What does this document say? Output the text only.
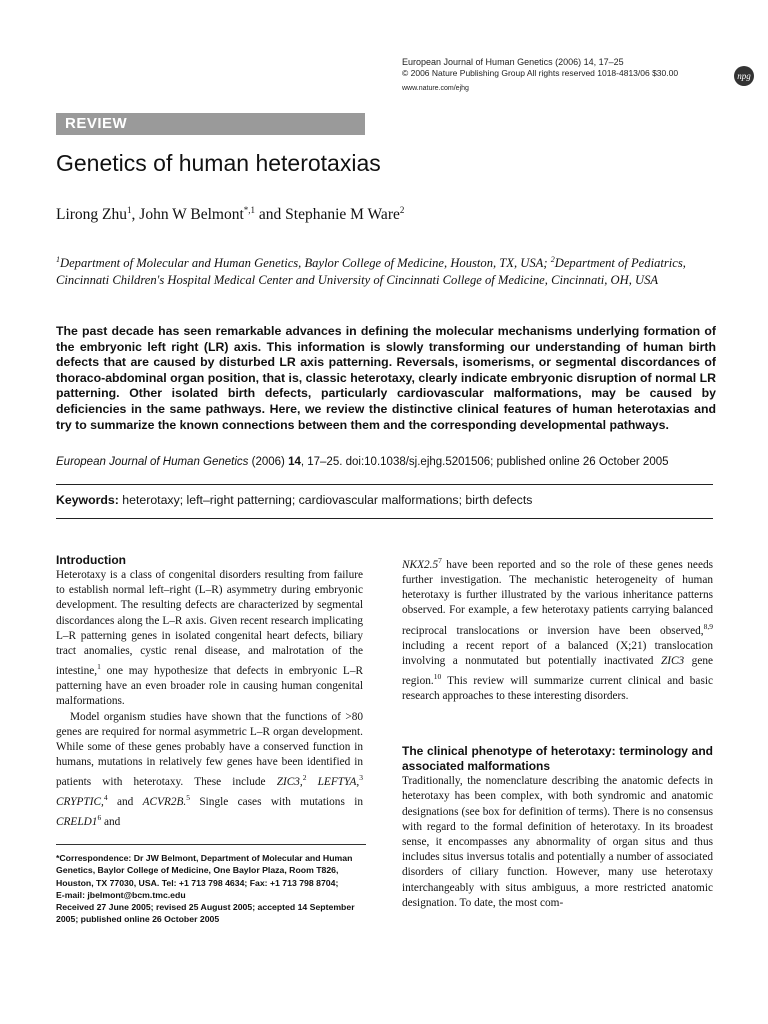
European Journal of Human Genetics (2006) 14, 17–25
© 2006 Nature Publishing Group All rights reserved 1018-4813/06 $30.00
www.nature.com/ejhg
npg
REVIEW
Genetics of human heterotaxias
Lirong Zhu$^1$, John W Belmont$^{*,1}$ and Stephanie M Ware$^2$
$^1$Department of Molecular and Human Genetics, Baylor College of Medicine, Houston, TX, USA; $^2$Department of Pediatrics, Cincinnati Children's Hospital Medical Center and University of Cincinnati College of Medicine, Cincinnati, OH, USA
The past decade has seen remarkable advances in defining the molecular mechanisms underlying formation of the embryonic left right (LR) axis. This information is slowly transforming our understanding of human birth defects that are caused by disturbed LR axis patterning. Reversals, isomerisms, or segmental discordances of thoraco-abdominal organ position, that is, classic heterotaxy, clearly indicate embryonic disruption of normal LR patterning. Other isolated birth defects, particularly cardiovascular malformations, may be caused by deficiencies in the same pathways. Here, we review the distinctive clinical features of human heterotaxias and try to summarize the known connections between them and the corresponding developmental pathways.
European Journal of Human Genetics (2006) 14, 17–25. doi:10.1038/sj.ejhg.5201506; published online 26 October 2005
Keywords: heterotaxy; left–right patterning; cardiovascular malformations; birth defects
Introduction

Heterotaxy is a class of congenital disorders resulting from failure to establish normal left–right (L–R) asymmetry during embryonic development. The resulting defects are characterized by segmental discordances along the L–R axis. Given recent research implicating L–R patterning genes in isolated congenital heart defects, biliary tract anomalies, cystic renal disease, and malrotation of the intestine,$^1$ one may hypothesize that defects in embryonic L–R patterning have an even broader role in causing human congenital malformations.

Model organism studies have shown that the functions of >80 genes are required for normal asymmetric L–R organ development. While some of these genes probably have a conserved function in humans, mutations in relatively few genes have been identified in patients with heterotaxy. These include ZIC3,$^2$ LEFTYA,$^3$ CRYPTIC,$^4$ and ACVR2B.$^5$ Single cases with mutations in $CRELD1^6$ and

$NKX2.5^7$ have been reported and so the role of these genes needs further investigation. The mechanistic heterogeneity of human heterotaxy is further illustrated by the various inheritance patterns observed. For example, a few heterotaxy patients carrying balanced reciprocal translocations or inversion have been observed,$^{8,9}$ including a recent report of a balanced (X;21) translocation involving a nonmutated but potentially inactivated ZIC3 gene region.$^{10}$ This review will summarize current clinical and basic research approaches to these interesting disorders.

The clinical phenotype of heterotaxy: terminology and associated malformations

Traditionally, the nomenclature describing the anatomic defects in heterotaxy has been complex, with both syndromic and anatomic designations (see box for definition of terms). There is no consensus with regard to the formal definition of heterotaxy. In its broadest sense, it encompasses any abnormality of organ situs and thus includes situs inversus totalis and potentially a number of associated disorders of ciliary function. However, many use heterotaxy interchangeably with situs ambiguus, a more restricted anatomic designation. To date, the most com-

*Correspondence: Dr JW Belmont, Department of Molecular and Human Genetics, Baylor College of Medicine, One Baylor Plaza, Room T826, Houston, TX 77030, USA. Tel: +1 713 798 4634; Fax: +1 713 798 8704;
E-mail: jbelmont@bcm.tmc.edu
Received 27 June 2005; revised 25 August 2005; accepted 14 September 2005; published online 26 October 2005
